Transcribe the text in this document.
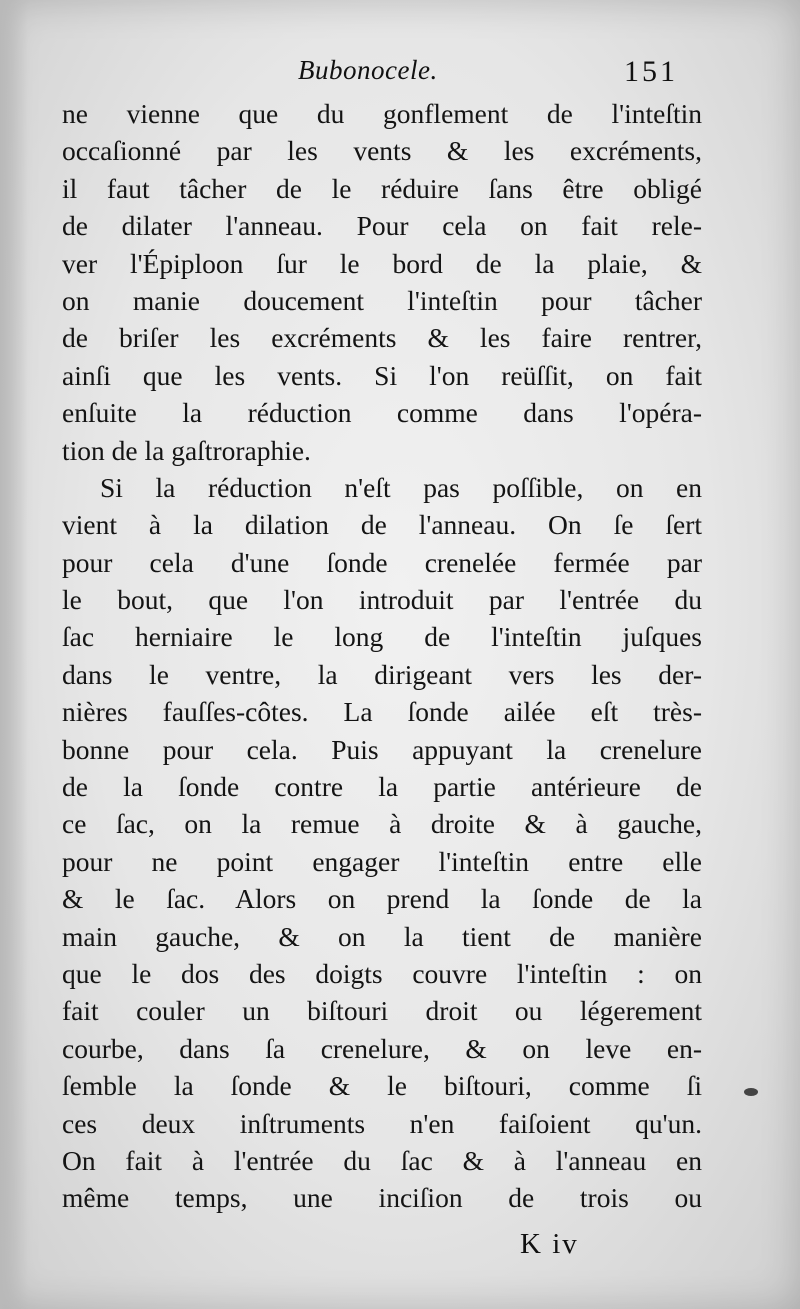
Bubonocele.	151
ne vienne que du gonflement de l'inteſtin
occaſionné par les vents & les excréments,
il faut tâcher de le réduire ſans être obligé
de dilater l'anneau. Pour cela on fait rele-
ver l'Épiploon ſur le bord de la plaie, &
on manie doucement l'inteſtin pour tâcher
de briſer les excréments & les faire rentrer,
ainſi que les vents. Si l'on reüſſit, on fait
enſuite la réduction comme dans l'opéra-
tion de la gaſtroraphie.
Si la réduction n'eſt pas poſſible, on en
vient à la dilation de l'anneau. On ſe ſert
pour cela d'une ſonde crenelée fermée par
le bout, que l'on introduit par l'entrée du
ſac herniaire le long de l'inteſtin juſques
dans le ventre, la dirigeant vers les der-
nières fauſſes-côtes. La ſonde ailée eſt très-
bonne pour cela. Puis appuyant la crenelure
de la ſonde contre la partie antérieure de
ce ſac, on la remue à droite & à gauche,
pour ne point engager l'inteſtin entre elle
& le ſac. Alors on prend la ſonde de la
main gauche, & on la tient de manière
que le dos des doigts couvre l'inteſtin : on
fait couler un biſtouri droit ou légerement
courbe, dans ſa crenelure, & on leve en-
ſemble la ſonde & le biſtouri, comme ſi
ces deux inſtruments n'en faiſoient qu'un.
On fait à l'entrée du ſac & à l'anneau en
même temps, une inciſion de trois ou
K iv
